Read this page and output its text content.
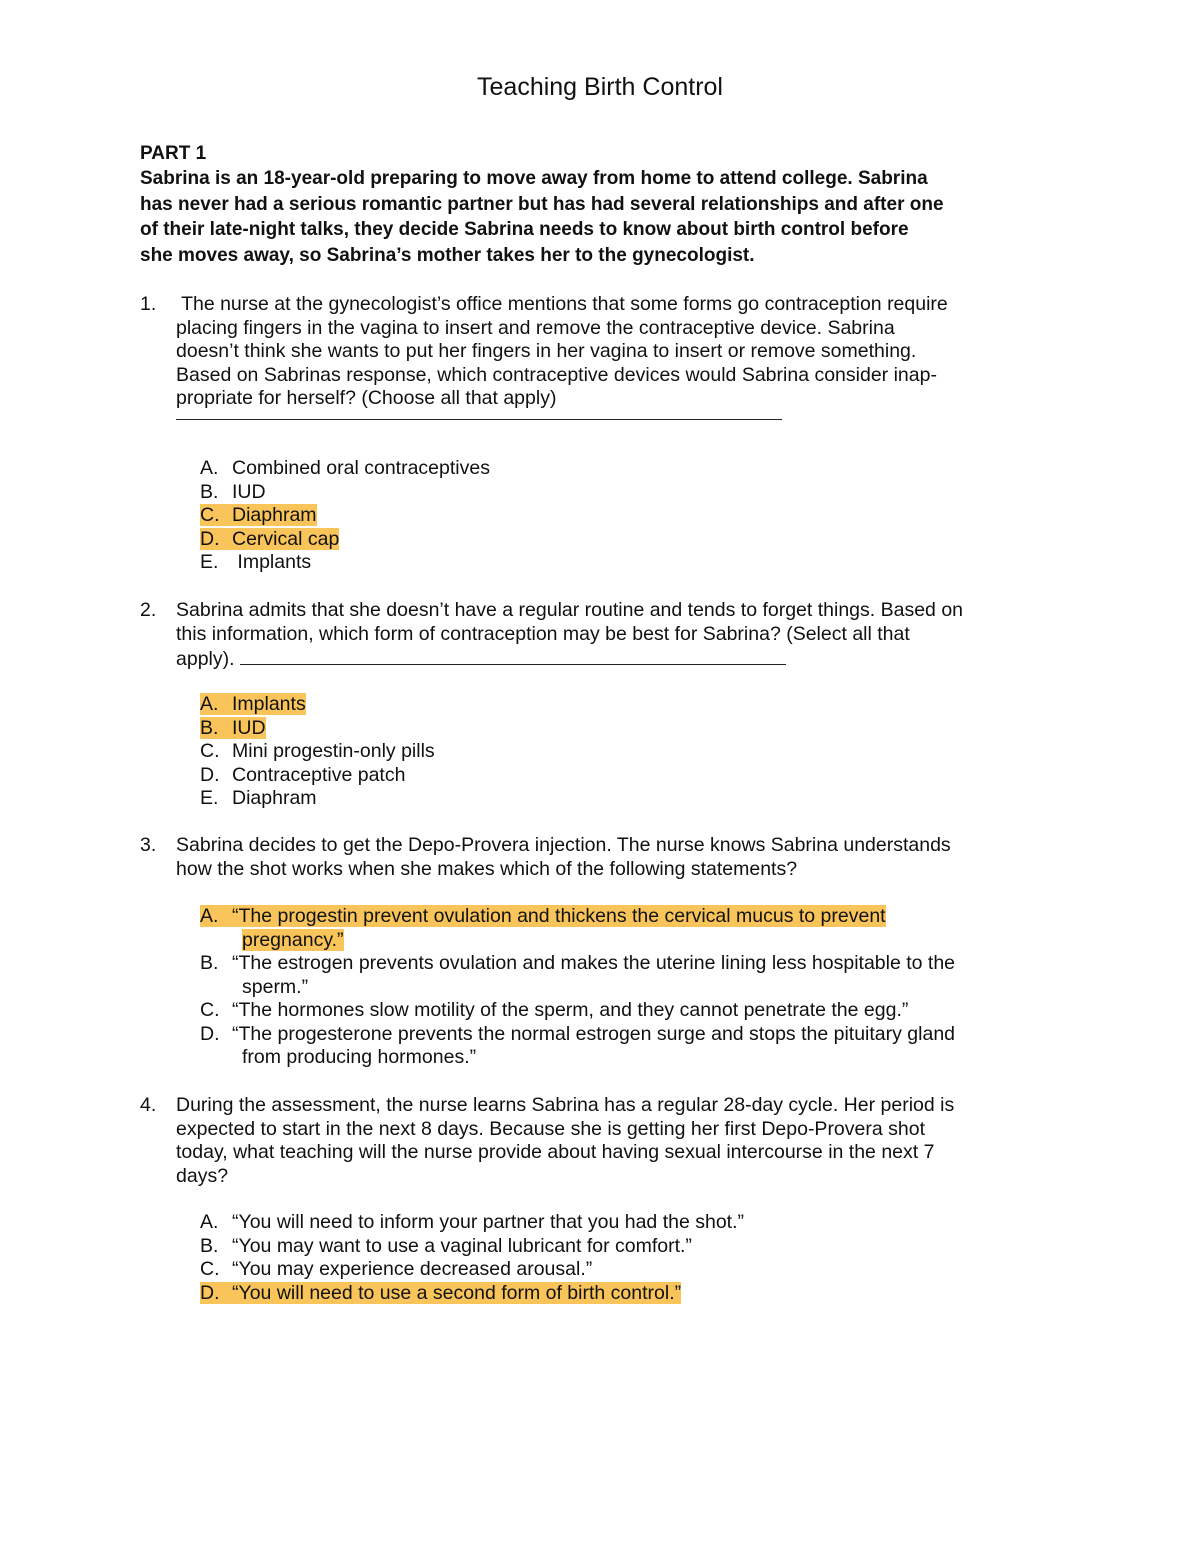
Teaching Birth Control
PART 1
Sabrina is an 18-year-old preparing to move away from home to attend college. Sabrina
has never had a serious romantic partner but has had several relationships and after one
of their late-night talks, they decide Sabrina needs to know about birth control before
she moves away, so Sabrina’s mother takes her to the gynecologist.
1. The nurse at the gynecologist’s office mentions that some forms go contraception require
placing fingers in the vagina to insert and remove the contraceptive device. Sabrina
doesn’t think she wants to put her fingers in her vagina to insert or remove something.
Based on Sabrinas response, which contraceptive devices would Sabrina consider inap-
propriate for herself? (Choose all that apply)
A. Combined oral contraceptives
B. IUD
C. Diaphram
D. Cervical cap
E. Implants
2. Sabrina admits that she doesn’t have a regular routine and tends to forget things. Based on
this information, which form of contraception may be best for Sabrina? (Select all that
apply).
A. Implants
B. IUD
C. Mini progestin-only pills
D. Contraceptive patch
E. Diaphram
3. Sabrina decides to get the Depo-Provera injection. The nurse knows Sabrina understands
how the shot works when she makes which of the following statements?
A. “The progestin prevent ovulation and thickens the cervical mucus to prevent
pregnancy.”
B. “The estrogen prevents ovulation and makes the uterine lining less hospitable to the
sperm.”
C. “The hormones slow motility of the sperm, and they cannot penetrate the egg.”
D. “The progesterone prevents the normal estrogen surge and stops the pituitary gland
from producing hormones.”
4. During the assessment, the nurse learns Sabrina has a regular 28-day cycle. Her period is
expected to start in the next 8 days. Because she is getting her first Depo-Provera shot
today, what teaching will the nurse provide about having sexual intercourse in the next 7
days?
A. “You will need to inform your partner that you had the shot.”
B. “You may want to use a vaginal lubricant for comfort.”
C. “You may experience decreased arousal.”
D. “You will need to use a second form of birth control.”
